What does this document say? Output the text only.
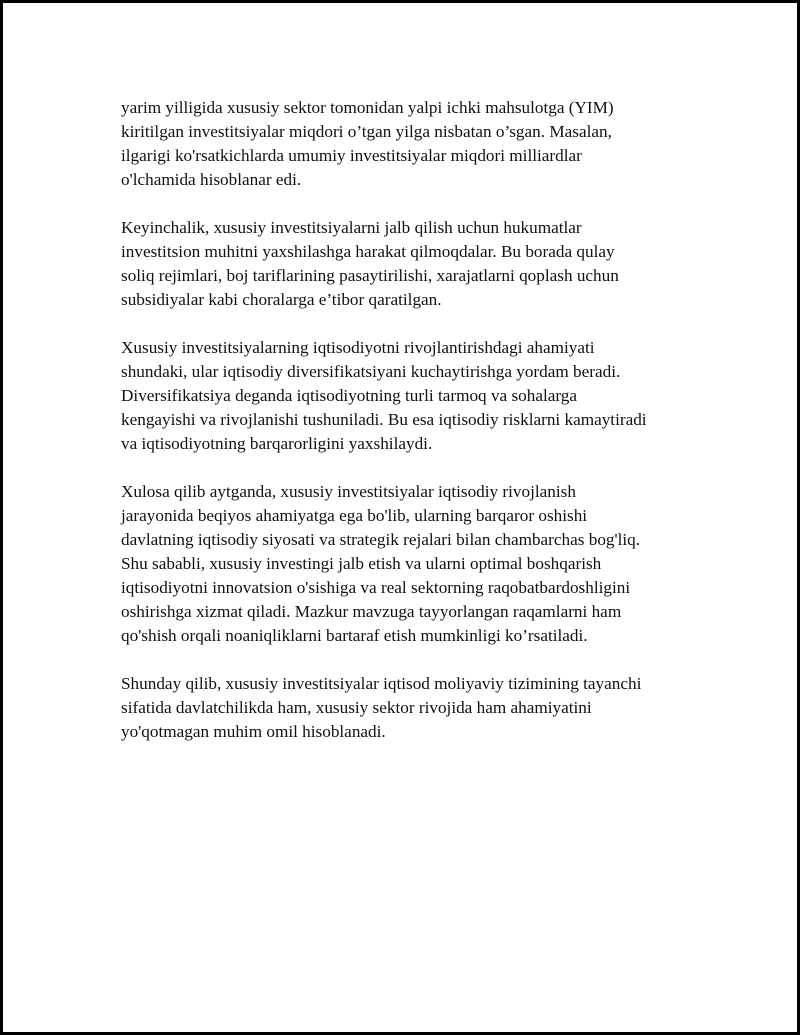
yarim yilligida xususiy sektor tomonidan yalpi ichki mahsulotga (YIM)
kiritilgan investitsiyalar miqdori o’tgan yilga nisbatan o’sgan. Masalan,
ilgarigi ko'rsatkichlarda umumiy investitsiyalar miqdori milliardlar
o'lchamida hisoblanar edi.

Keyinchalik, xususiy investitsiyalarni jalb qilish uchun hukumatlar
investitsion muhitni yaxshilashga harakat qilmoqdalar. Bu borada qulay
soliq rejimlari, boj tariflarining pasaytirilishi, xarajatlarni qoplash uchun
subsidiyalar kabi choralarga e’tibor qaratilgan.

Xususiy investitsiyalarning iqtisodiyotni rivojlantirishdagi ahamiyati
shundaki, ular iqtisodiy diversifikatsiyani kuchaytirishga yordam beradi.
Diversifikatsiya deganda iqtisodiyotning turli tarmoq va sohalarga
kengayishi va rivojlanishi tushuniladi. Bu esa iqtisodiy risklarni kamaytiradi
va iqtisodiyotning barqarorligini yaxshilaydi.

Xulosa qilib aytganda, xususiy investitsiyalar iqtisodiy rivojlanish
jarayonida beqiyos ahamiyatga ega bo'lib, ularning barqaror oshishi
davlatning iqtisodiy siyosati va strategik rejalari bilan chambarchas bog'liq.
Shu sababli, xususiy investingi jalb etish va ularni optimal boshqarish
iqtisodiyotni innovatsion o'sishiga va real sektorning raqobatbardoshligini
oshirishga xizmat qiladi. Mazkur mavzuga tayyorlangan raqamlarni ham
qo'shish orqali noaniqliklarni bartaraf etish mumkinligi ko’rsatiladi.

Shunday qilib, xususiy investitsiyalar iqtisod moliyaviy tizimining tayanchi
sifatida davlatchilikda ham, xususiy sektor rivojida ham ahamiyatini
yo'qotmagan muhim omil hisoblanadi.
